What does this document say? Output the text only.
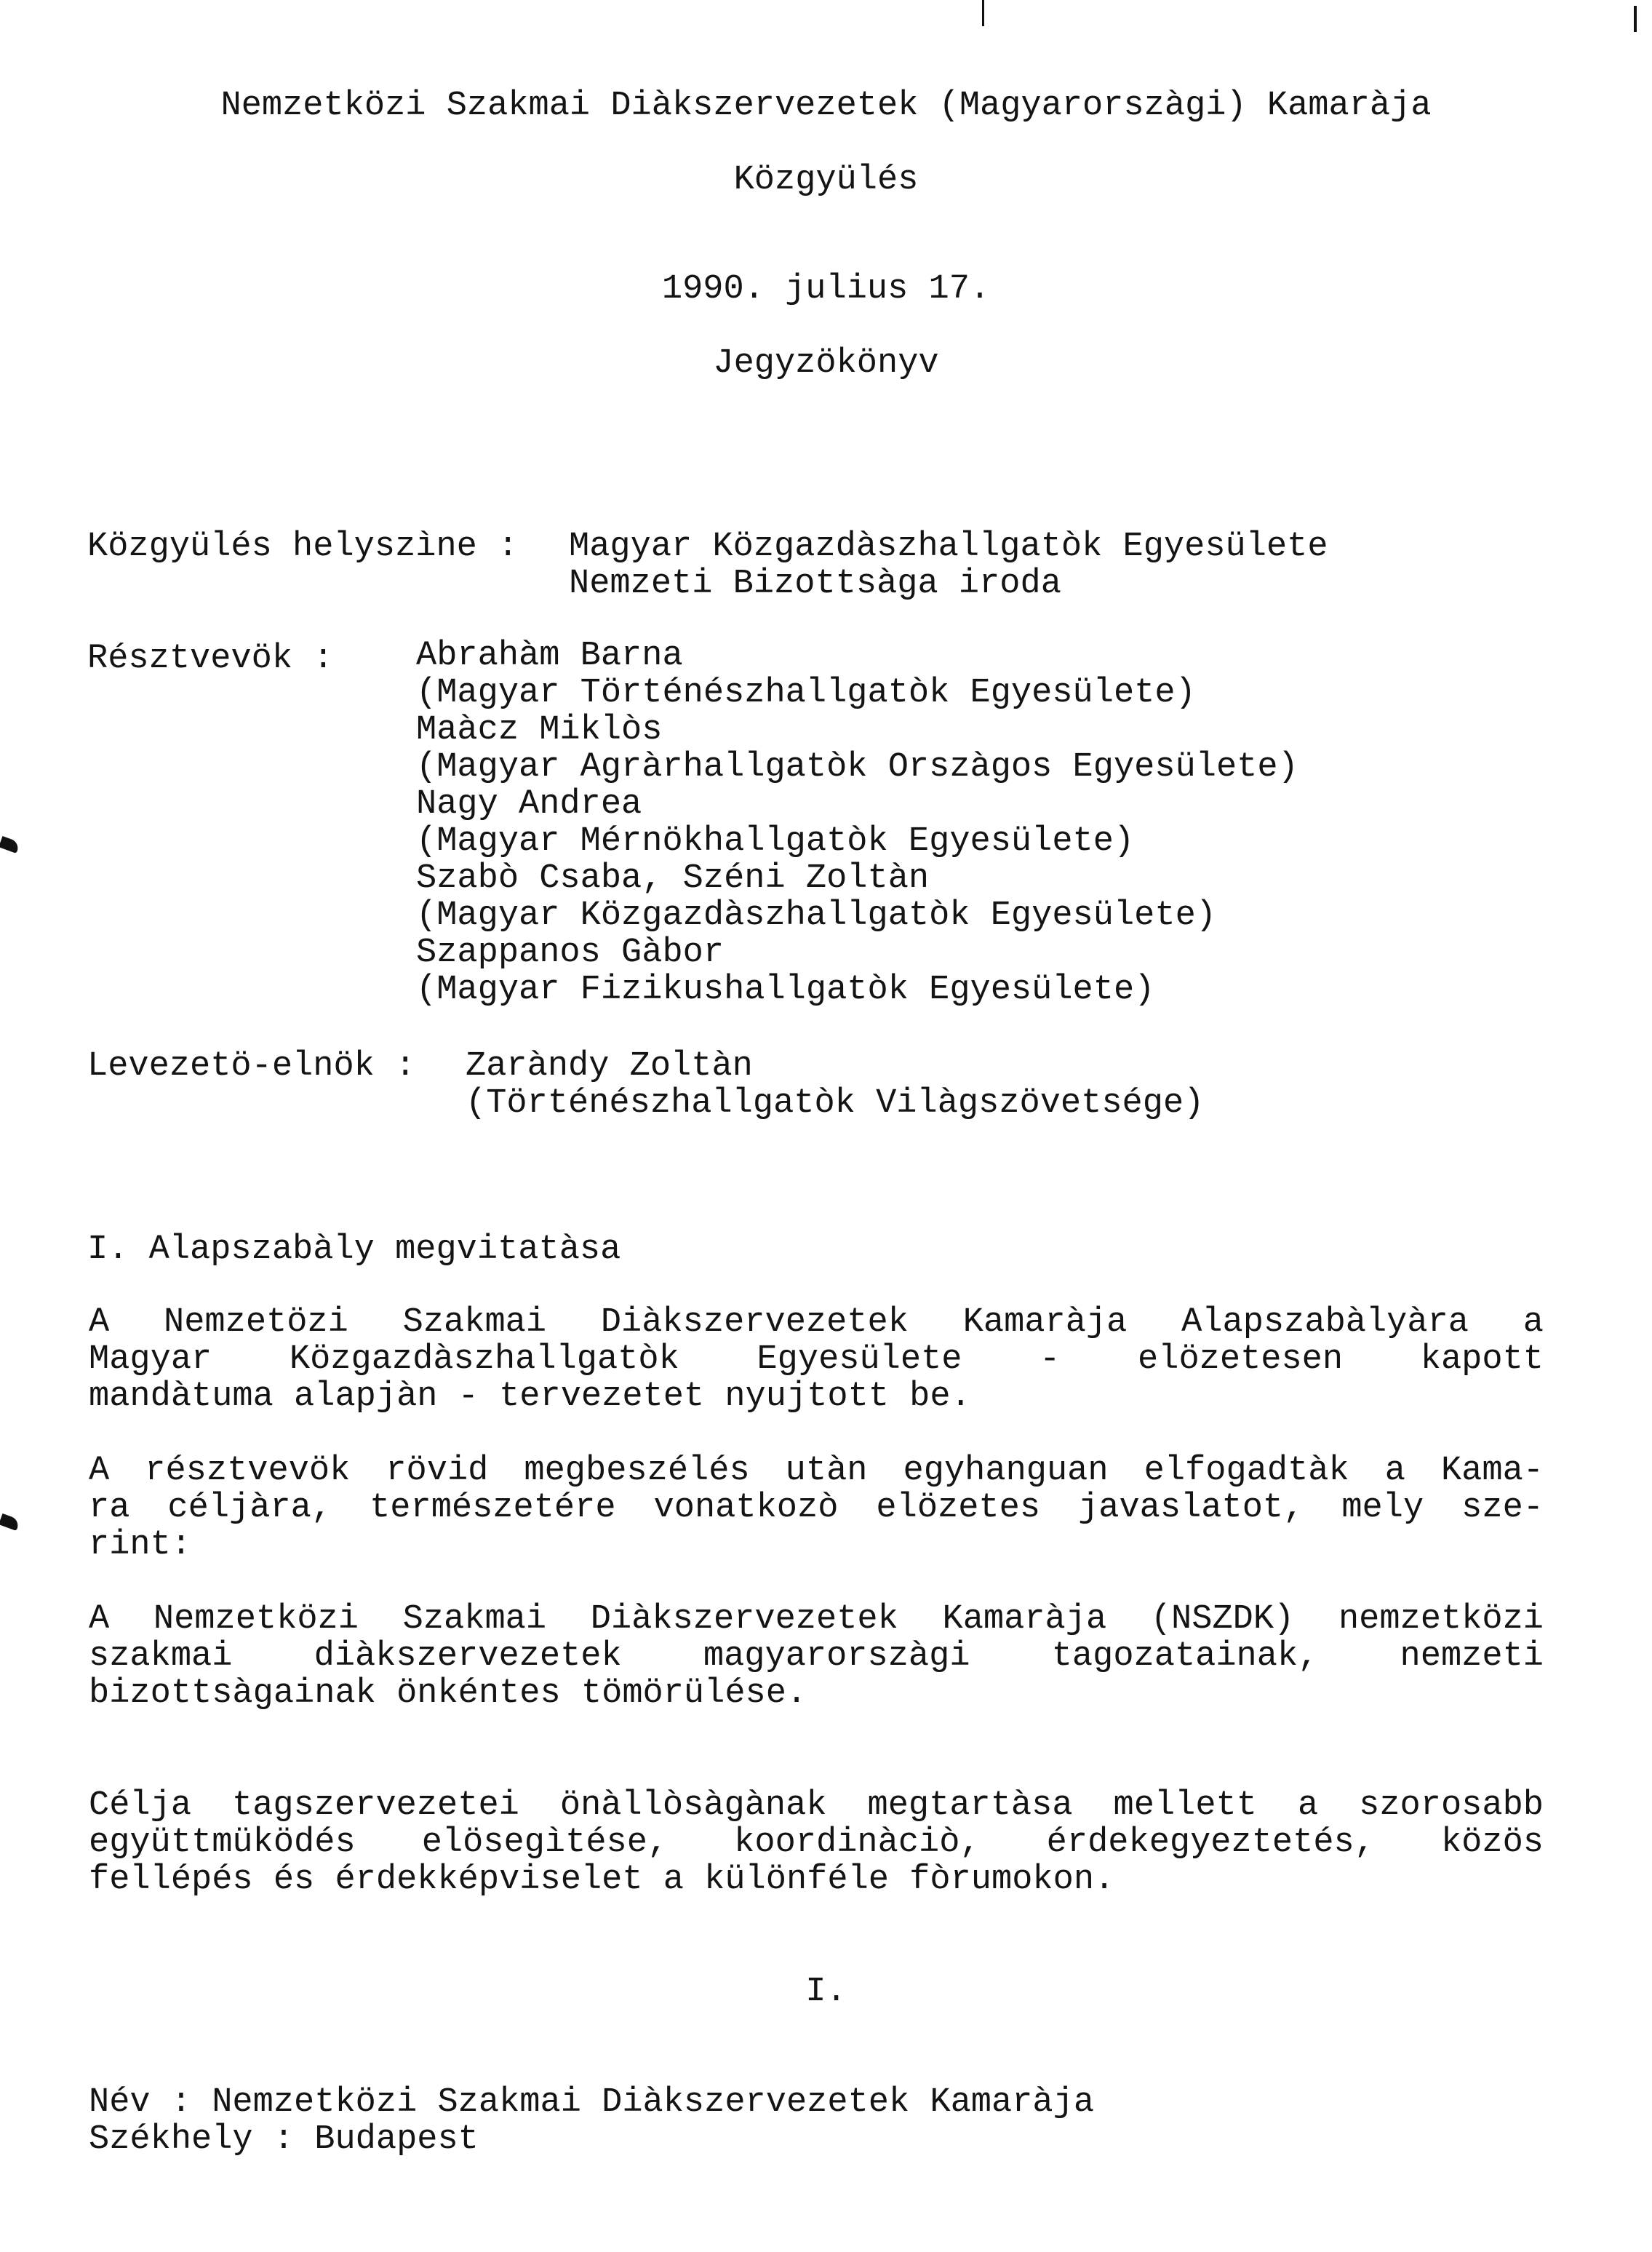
Nemzetközi Szakmai Diàkszervezetek (Magyarorszàgi) Kamaràja
Közgyülés
1990. julius 17.
Jegyzökönyv
Közgyülés helyszìne : Magyar Közgazdàszhallgatòk Egyesülete
Nemzeti Bizottsàga iroda
Résztvevök : Abrahàm Barna
(Magyar Történészhallgatòk Egyesülete)
Maàcz Miklòs
(Magyar Agràrhallgatòk Orszàgos Egyesülete)
Nagy Andrea
(Magyar Mérnökhallgatòk Egyesülete)
Szabò Csaba, Széni Zoltàn
(Magyar Közgazdàszhallgatòk Egyesülete)
Szappanos Gàbor
(Magyar Fizikushallgatòk Egyesülete)
Levezetö-elnök : Zaràndy Zoltàn
(Történészhallgatòk Vilàgszövetsége)
I. Alapszabàly megvitatàsa
A Nemzetözi Szakmai Diàkszervezetek Kamaràja Alapszabàlyàra a
Magyar Közgazdàszhallgatòk Egyesülete - elözetesen kapott
mandàtuma alapjàn - tervezetet nyujtott be.
A résztvevök rövid megbeszélés utàn egyhanguan elfogadtàk a Kama-
ra céljàra, természetére vonatkozò elözetes javaslatot, mely sze-
rint:
A Nemzetközi Szakmai Diàkszervezetek Kamaràja (NSZDK) nemzetközi
szakmai diàkszervezetek magyarorszàgi tagozatainak, nemzeti
bizottsàgainak önkéntes tömörülése.
Célja tagszervezetei önàllòsàgànak megtartàsa mellett a szorosabb
együttmüködés elösegìtése, koordinàciò, érdekegyeztetés, közös
fellépés és érdekképviselet a különféle fòrumokon.
I.
Név : Nemzetközi Szakmai Diàkszervezetek Kamaràja
Székhely : Budapest
